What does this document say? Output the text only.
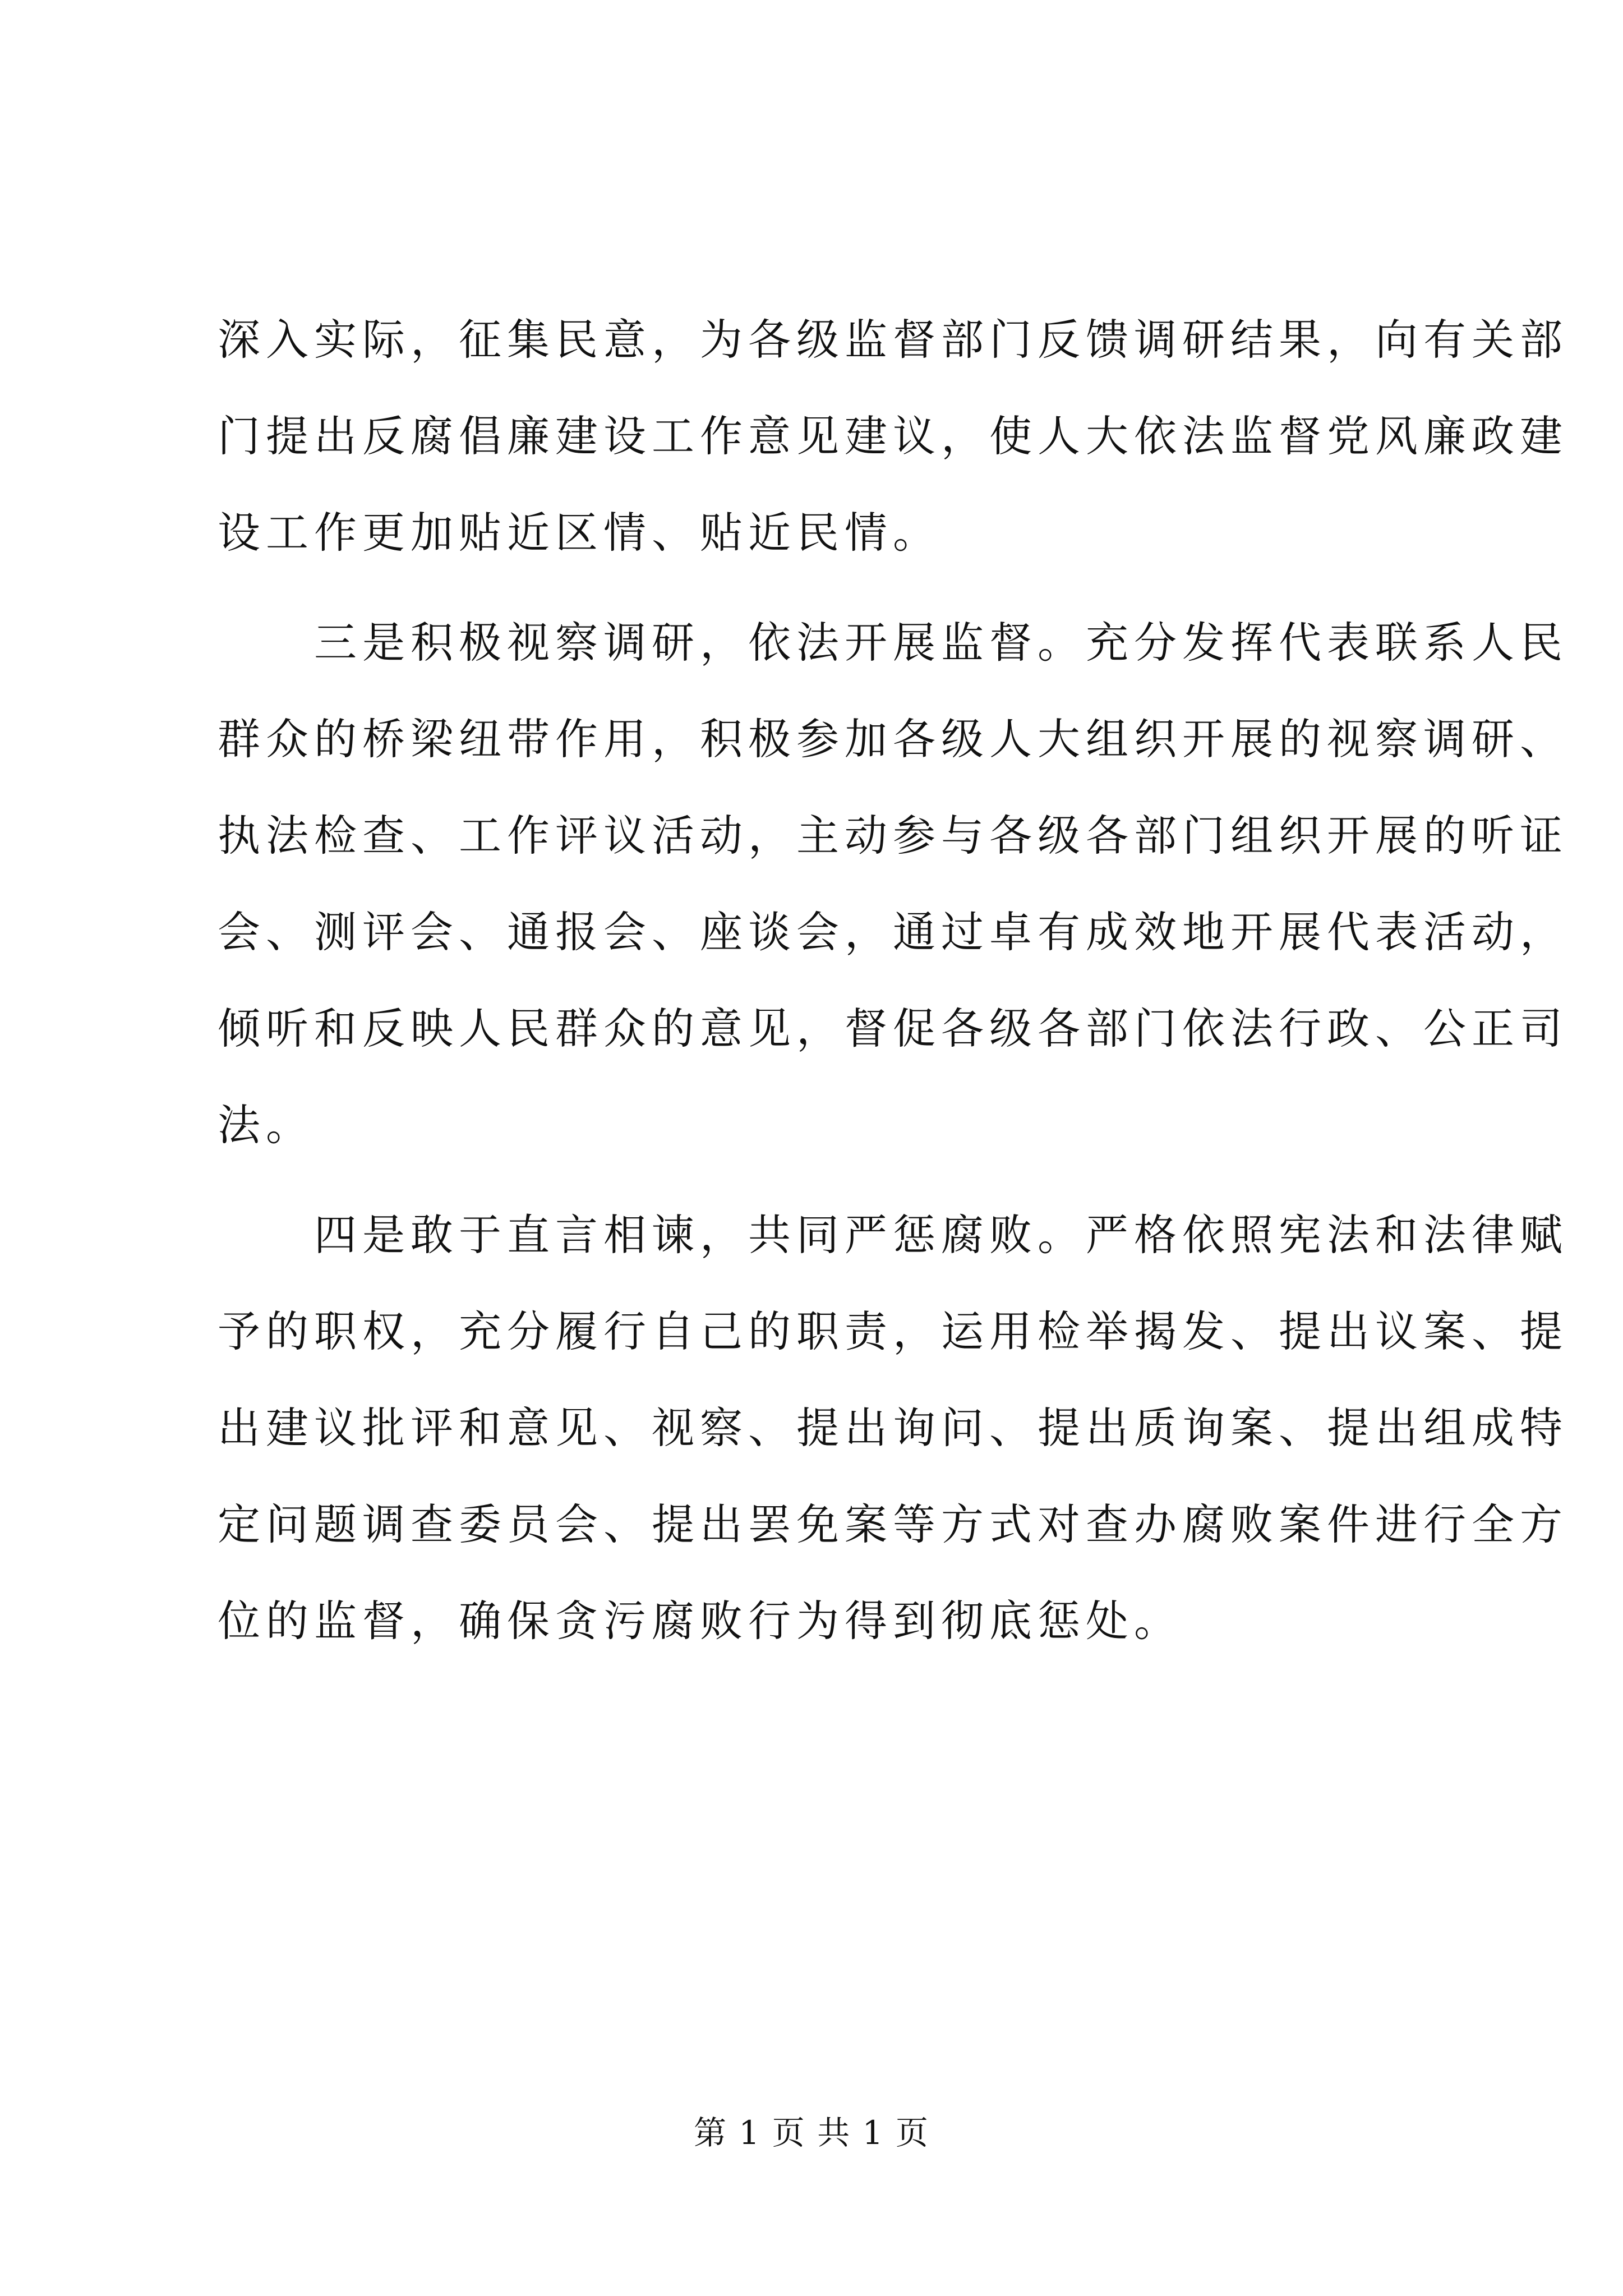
深入实际，征集民意，为各级监督部门反馈调研结果，向有关部
门提出反腐倡廉建设工作意见建议，使人大依法监督党风廉政建
设工作更加贴近区情、贴近民情。
三是积极视察调研，依法开展监督。充分发挥代表联系人民
群众的桥梁纽带作用，积极参加各级人大组织开展的视察调研、
执法检查、工作评议活动，主动参与各级各部门组织开展的听证
会、测评会、通报会、座谈会，通过卓有成效地开展代表活动，
倾听和反映人民群众的意见，督促各级各部门依法行政、公正司
法。
四是敢于直言相谏，共同严惩腐败。严格依照宪法和法律赋
予的职权，充分履行自己的职责，运用检举揭发、提出议案、提
出建议批评和意见、视察、提出询问、提出质询案、提出组成特
定问题调查委员会、提出罢免案等方式对查办腐败案件进行全方
位的监督，确保贪污腐败行为得到彻底惩处。
第 1 页 共 1 页
